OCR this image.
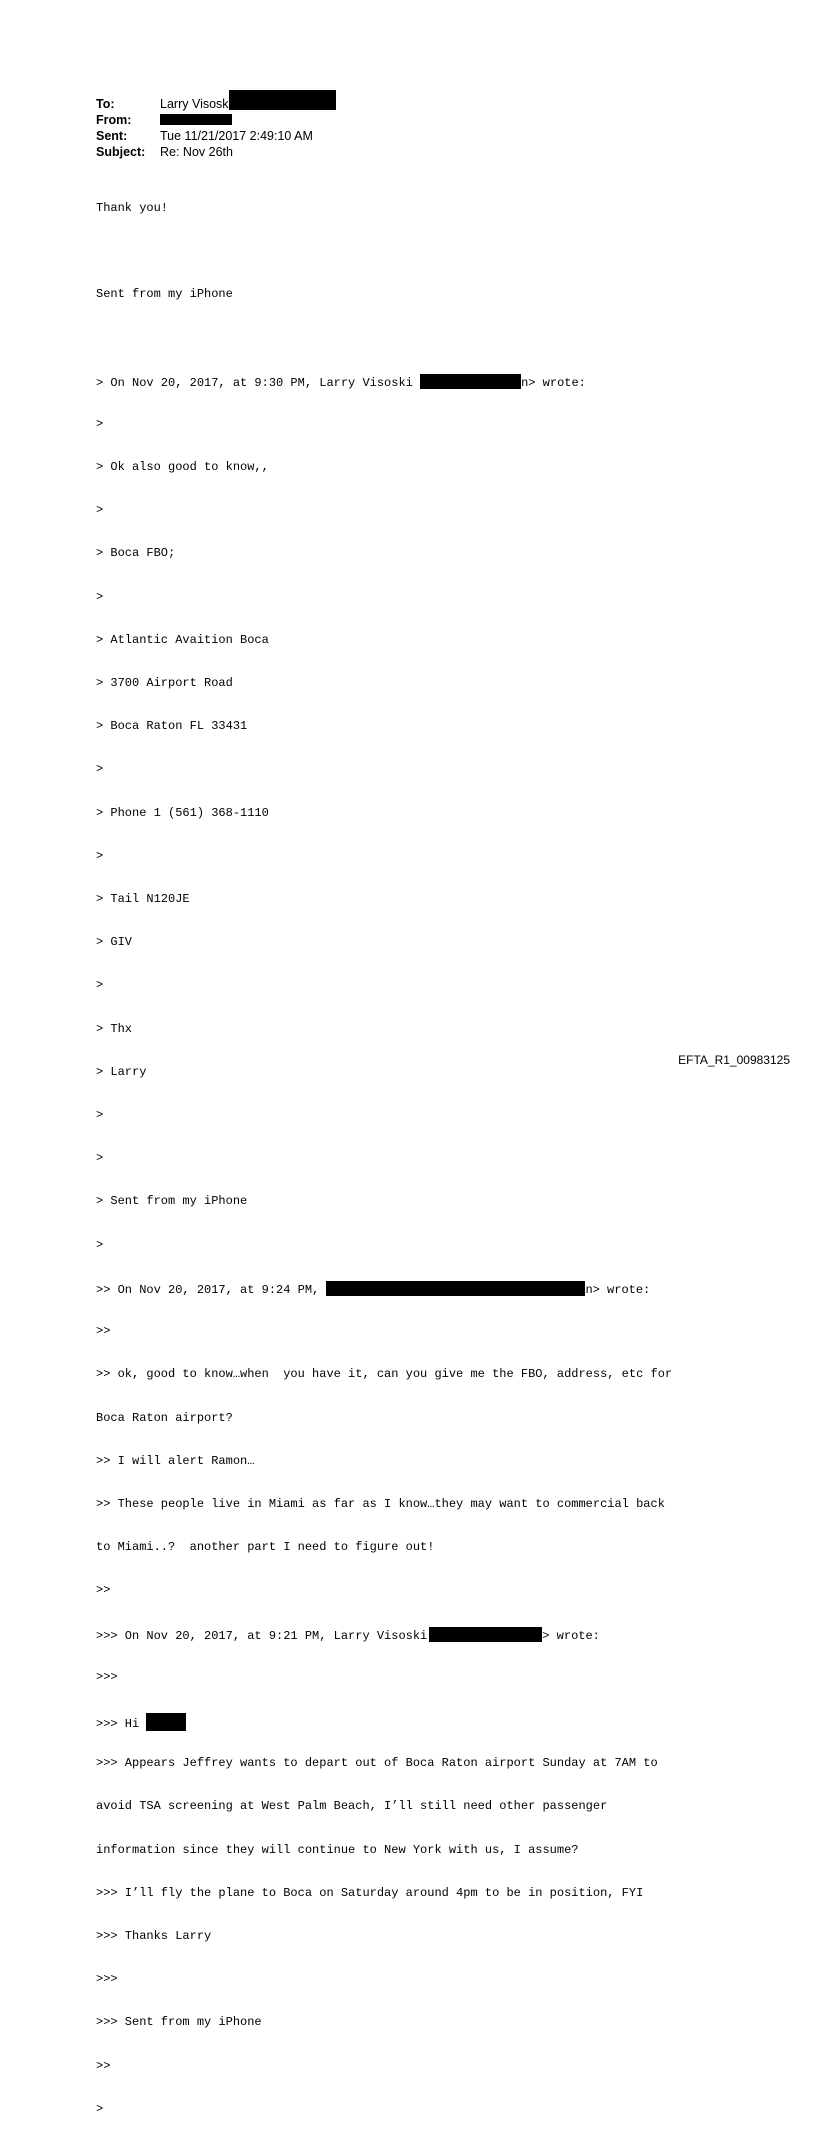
To:	Larry Visosk
From:
Sent:	Tue 11/21/2017 2:49:10 AM
Subject:	Re: Nov 26th

Thank you!

Sent from my iPhone

> On Nov 20, 2017, at 9:30 PM, Larry Visoski	n> wrote:

>

> Ok also good to know,,

>

> Boca FBO;

>

> Atlantic Avaition Boca

> 3700 Airport Road

> Boca Raton FL 33431

>

> Phone 1 (561) 368-1110

>

> Tail N120JE

> GIV

>

> Thx

> Larry

>

>

> Sent from my iPhone

>

>> On Nov 20, 2017, at 9:24 PM,	n> wrote:

>>

>> ok, good to know…when  you have it, can you give me the FBO, address, etc for

Boca Raton airport?

>> I will alert Ramon…

>> These people live in Miami as far as I know…they may want to commercial back

to Miami..?  another part I need to figure out!

>>

>>> On Nov 20, 2017, at 9:21 PM, Larry Visoski	> wrote:

>>>

>>> Hi

>>> Appears Jeffrey wants to depart out of Boca Raton airport Sunday at 7AM to

avoid TSA screening at West Palm Beach, I’ll still need other passenger

information since they will continue to New York with us, I assume?

>>> I’ll fly the plane to Boca on Saturday around 4pm to be in position, FYI

>>> Thanks Larry

>>>

>>> Sent from my iPhone

>>

>

EFTA_R1_00983125
